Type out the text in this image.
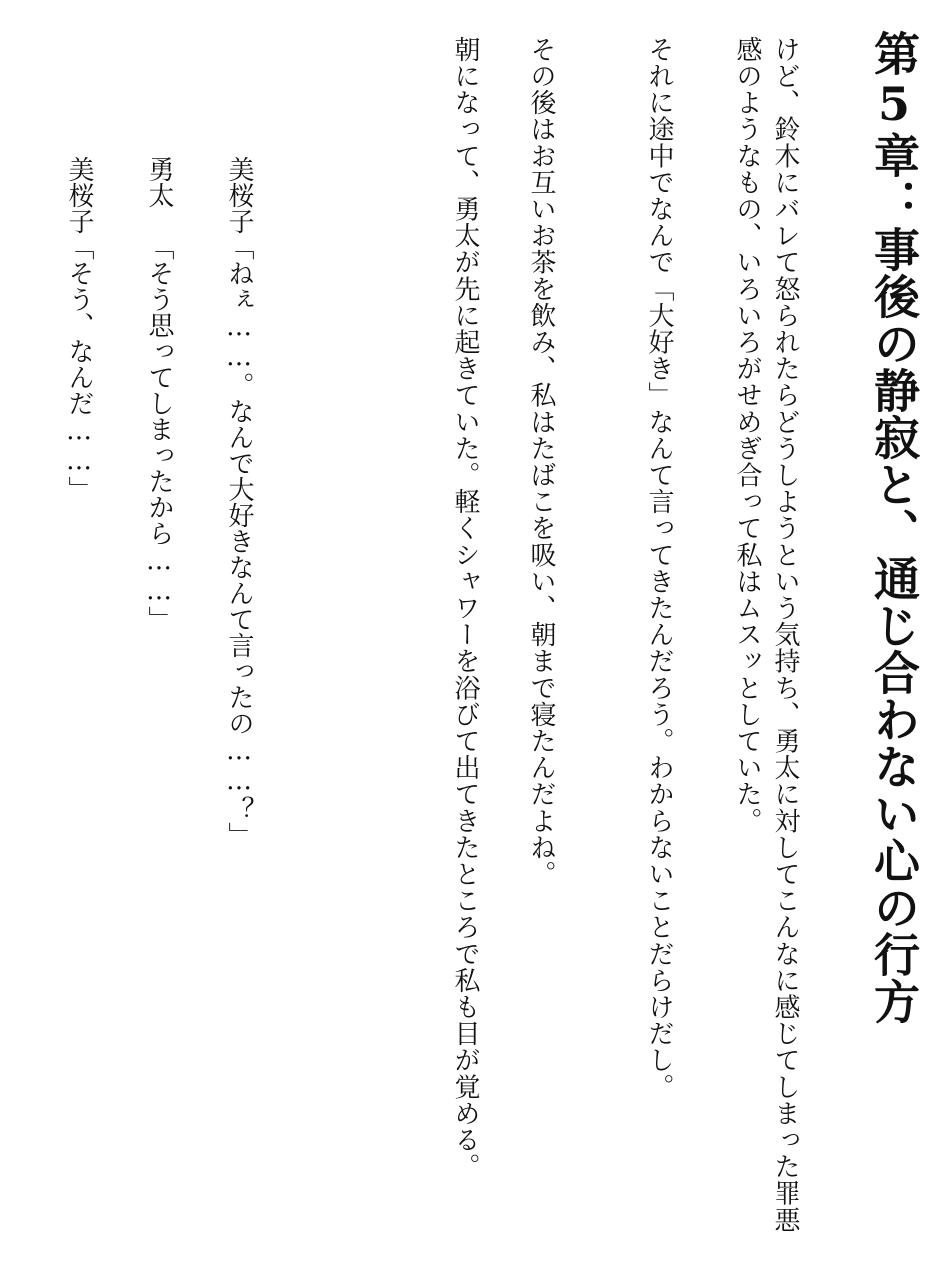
第5章：事後の静寂と、通じ合わない心の行方
けど、鈴木にバレて怒られたらどうしようという気持ち、勇太に対してこんなに感じてしまった罪悪感のようなもの、いろいろがせめぎ合って私はムスッとしていた。
それに途中でなんで「大好き」なんて言ってきたんだろう。わからないことだらけだし。
その後はお互いお茶を飲み、私はたばこを吸い、朝まで寝たんだよね。
朝になって、勇太が先に起きていた。軽くシャワーを浴びて出てきたところで私も目が覚める。

美桜子「ねぇ……。なんで大好きなんて言ったの……？」

勇太「そう思ってしまったから……」

美桜子「そう、なんだ……」
